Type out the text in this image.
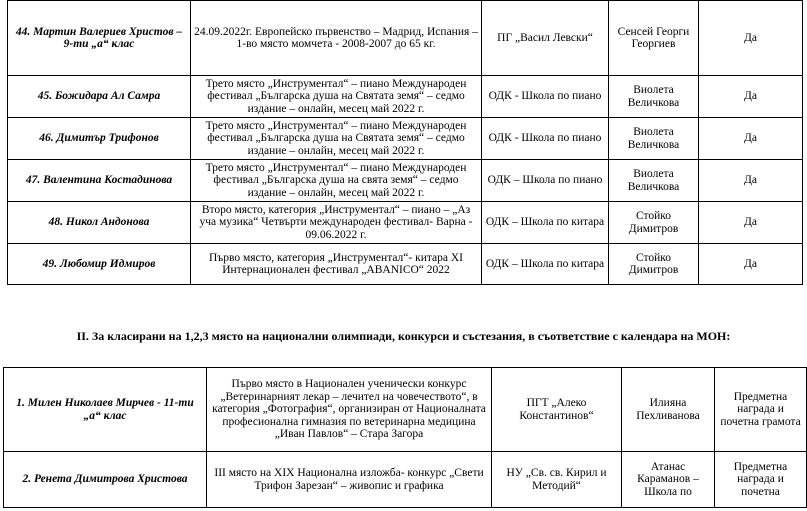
44. Мартин Валериев Христов – 9-ти „а“ клас	24.09.2022г. Европейско първенство – Мадрид, Испания – 1-во място момчета - 2008-2007 до 65 кг.	ПГ „Васил Левски“	Сенсей Георги Георгиев	Да
45. Божидара Ал Самра	Трето място „Инструментал“ – пиано Международен фестивал „Българска душа на Святата земя“ – седмо издание – онлайн, месец май 2022 г.	ОДК - Школа по пиано	Виолета Величкова	Да
46. Димитър Трифонов	Трето място „Инструментал“ – пиано Международен фестивал „Българска душа на Святата земя“ – седмо издание – онлайн, месец май 2022 г.	ОДК - Школа по пиано	Виолета Величкова	Да
47. Валентина Костадинова	Трето място „Инструментал“ – пиано Международен фестивал „Българска душа на свята земя“ – седмо издание – онлайн, месец май 2022 г.	ОДК – Школа по пиано	Виолета Величкова	Да
48. Никол Андонова	Второ място, категория „Инструментал“ – пиано – „Аз уча музика“ Четвърти международен фестивал- Варна - 09.06.2022 г.	ОДК – Школа по китара	Стойко Димитров	Да
49. Любомир Идмиров	Първо място, категория „Инструментал“- китара XI Интернационален фестивал „ABANICO“ 2022	ОДК – Школа по китара	Стойко Димитров	Да
II. За класирани на 1,2,3 място на национални олимпиади, конкурси и състезания, в съответствие с календара на МОН:
1. Милен Николаев Мирчев - 11-ти „а“ клас	Първо място в Национален ученически конкурс „Ветеринарният лекар – лечител на човечеството“, в категория „Фотография“, организиран от Националната професионална гимназия по ветеринарна медицина „Иван Павлов“ – Стара Загора	ПГТ „Алеко Константинов“	Илияна Пехливанова	Предметна награда и почетна грамота
2. Ренета Димитрова Христова	III място на XIX Национална изложба- конкурс „Свети Трифон Зарезан“ – живопис и графика	НУ „Св. св. Кирил и Методий“	Атанас Караманов – Школа по	Предметна награда и почетна
